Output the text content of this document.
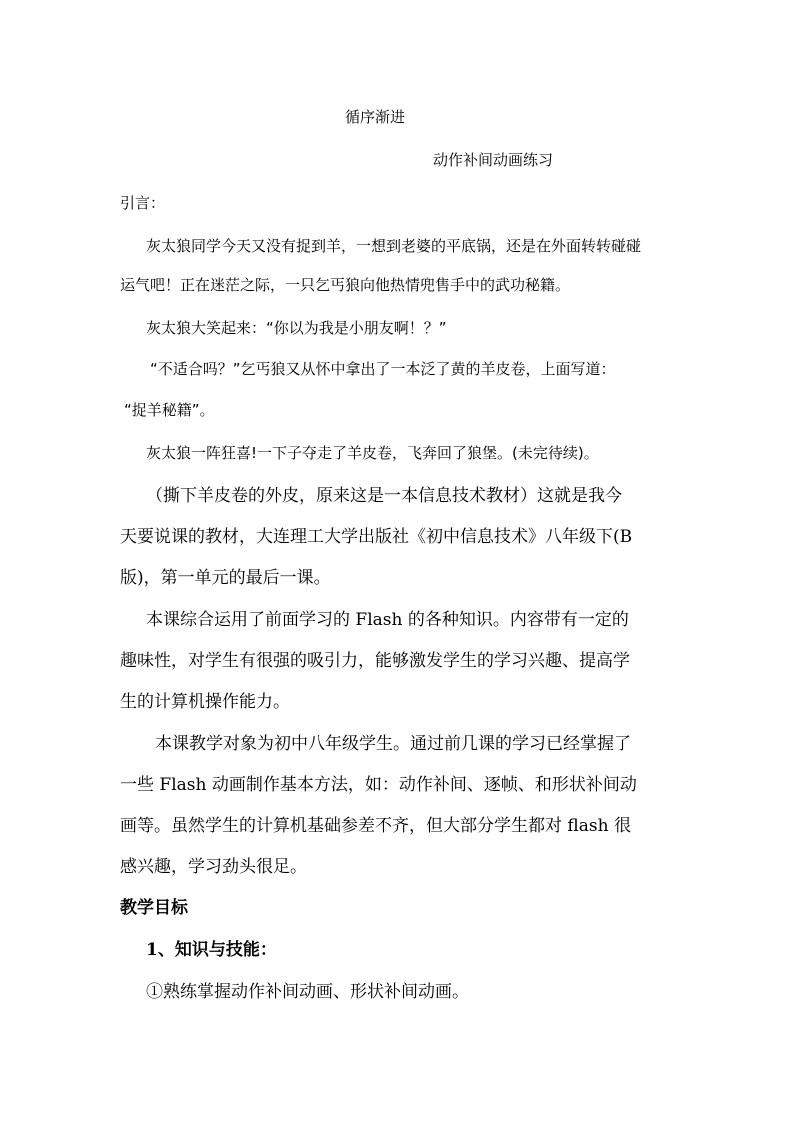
循序渐进
动作补间动画练习
引言：
灰太狼同学今天又没有捉到羊，一想到老婆的平底锅，还是在外面转转碰碰
运气吧！正在迷茫之际，一只乞丐狼向他热情兜售手中的武功秘籍。
灰太狼大笑起来：“你以为我是小朋友啊！？”
“不适合吗？”乞丐狼又从怀中拿出了一本泛了黄的羊皮卷，上面写道：
“捉羊秘籍”。
灰太狼一阵狂喜!一下子夺走了羊皮卷，飞奔回了狼堡。(未完待续)。
（撕下羊皮卷的外皮，原来这是一本信息技术教材）这就是我今
天要说课的教材，大连理工大学出版社《初中信息技术》八年级下(B
版)，第一单元的最后一课。
本课综合运用了前面学习的 Flash 的各种知识。内容带有一定的
趣味性，对学生有很强的吸引力，能够激发学生的学习兴趣、提高学
生的计算机操作能力。
本课教学对象为初中八年级学生。通过前几课的学习已经掌握了
一些 Flash 动画制作基本方法，如：动作补间、逐帧、和形状补间动
画等。虽然学生的计算机基础参差不齐，但大部分学生都对 flash 很
感兴趣，学习劲头很足。
教学目标
1、知识与技能：
①熟练掌握动作补间动画、形状补间动画。
